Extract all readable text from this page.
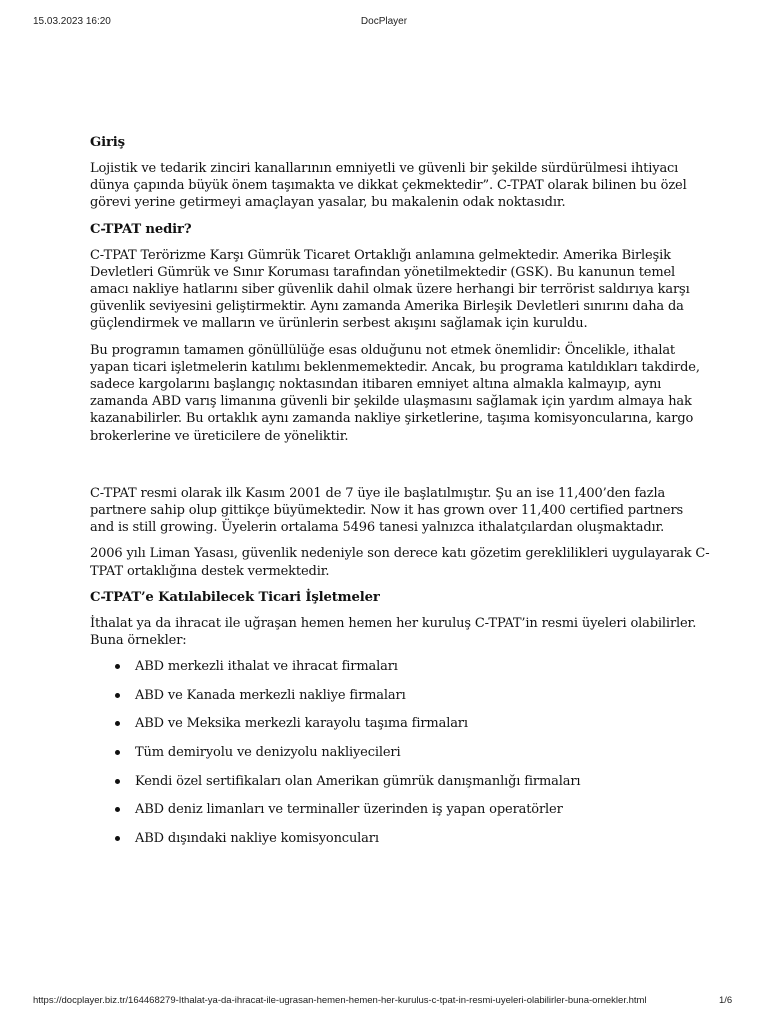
15.03.2023 16:20	DocPlayer
Giriş

Lojistik ve tedarik zinciri kanallarının emniyetli ve güvenli bir şekilde sürdürülmesi ihtiyacı dünya çapında büyük önem taşımakta ve dikkat çekmektedir”. C-TPAT olarak bilinen bu özel görevi yerine getirmeyi amaçlayan yasalar, bu makalenin odak noktasıdır.

C-TPAT nedir?

C-TPAT Terörizme Karşı Gümrük Ticaret Ortaklığı anlamına gelmektedir. Amerika Birleşik Devletleri Gümrük ve Sınır Koruması tarafından yönetilmektedir (GSK). Bu kanunun temel amacı nakliye hatlarını siber güvenlik dahil olmak üzere herhangi bir terrörist saldırıya karşı güvenlik seviyesini geliştirmektir. Aynı zamanda Amerika Birleşik Devletleri sınırını daha da güçlendirmek ve malların ve ürünlerin serbest akışını sağlamak için kuruldu.

Bu programın tamamen gönüllülüğe esas olduğunu not etmek önemlidir: Öncelikle, ithalat yapan ticari işletmelerin katılımı beklenmemektedir. Ancak, bu programa katıldıkları takdirde, sadece kargolarını başlangıç noktasından itibaren emniyet altına almakla kalmayıp, aynı zamanda ABD varış limanına güvenli bir şekilde ulaşmasını sağlamak için yardım almaya hak kazanabilirler. Bu ortaklık aynı zamanda nakliye şirketlerine, taşıma komisyoncularına, kargo brokerlerine ve üreticilere de yöneliktir.

C-TPAT resmi olarak ilk Kasım 2001 de 7 üye ile başlatılmıştır. Şu an ise 11,400’den fazla partnere sahip olup gittikçe büyümektedir. Now it has grown over 11,400 certified partners and is still growing. Üyelerin ortalama 5496 tanesi yalnızca ithalatçılardan oluşmaktadır.

2006 yılı Liman Yasası, güvenlik nedeniyle son derece katı gözetim gereklilikleri uygulayarak C-TPAT ortaklığına destek vermektedir.

C-TPAT’e Katılabilecek Ticari İşletmeler

İthalat ya da ihracat ile uğraşan hemen hemen her kuruluş C-TPAT’in resmi üyeleri olabilirler. Buna örnekler:

ABD merkezli ithalat ve ihracat firmaları
ABD ve Kanada merkezli nakliye firmaları
ABD ve Meksika merkezli karayolu taşıma firmaları
Tüm demiryolu ve denizyolu nakliyecileri
Kendi özel sertifikaları olan Amerikan gümrük danışmanlığı firmaları
ABD deniz limanları ve terminaller üzerinden iş yapan operatörler
ABD dışındaki nakliye komisyoncuları
https://docplayer.biz.tr/164468279-Ithalat-ya-da-ihracat-ile-ugrasan-hemen-hemen-her-kurulus-c-tpat-in-resmi-uyeleri-olabilirler-buna-ornekler.html	1/6
